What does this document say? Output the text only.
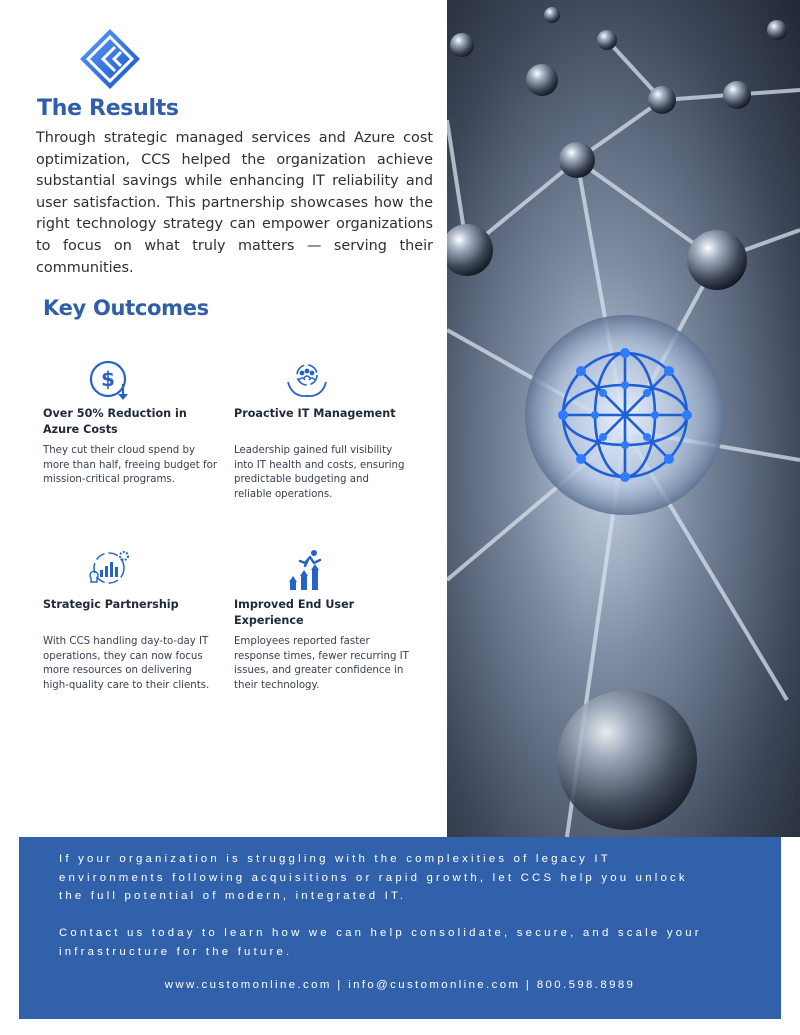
The Results
Through strategic managed services and Azure cost optimization, CCS helped the organization achieve substantial savings while enhancing IT reliability and user satisfaction. This partnership showcases how the right technology strategy can empower organizations to focus on what truly matters — serving their communities.
Key Outcomes
$
Over 50% Reduction in Azure Costs
They cut their cloud spend by more than half, freeing budget for mission-critical programs.
Proactive IT Management
Leadership gained full visibility into IT health and costs, ensuring predictable budgeting and reliable operations.
Strategic Partnership
With CCS handling day-to-day IT operations, they can now focus more resources on delivering high-quality care to their clients.
Improved End User Experience
Employees reported faster response times, fewer recurring IT issues, and greater confidence in their technology.

If your organization is struggling with the complexities of legacy IT environments following acquisitions or rapid growth, let CCS help you unlock the full potential of modern, integrated IT.

Contact us today to learn how we can help consolidate, secure, and scale your infrastructure for the future.

www.customonline.com | info@customonline.com | 800.598.8989
